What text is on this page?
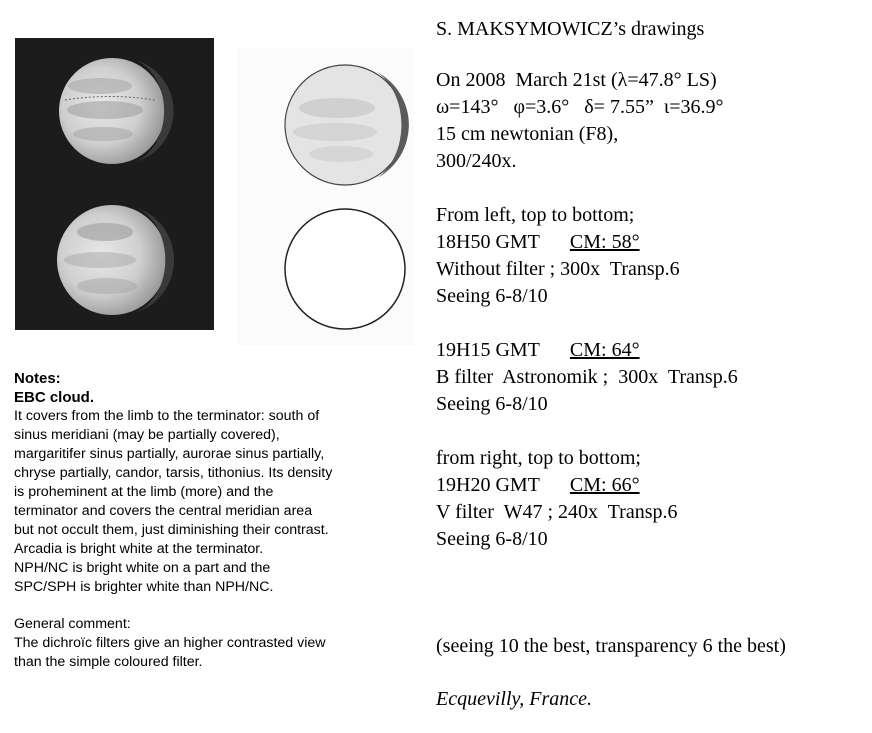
S. MAKSYMOWICZ’s drawings
On 2008  March 21st (λ=47.8° LS)
ω=143°   φ=3.6°   δ= 7.55”  ι=36.9°
15 cm newtonian (F8),
300/240x.
From left, top to bottom;
18H50 GMT CM: 58°
Without filter ; 300x  Transp.6
Seeing 6-8/10
19H15 GMT CM: 64°
B filter  Astronomik ;  300x  Transp.6
Seeing 6-8/10
from right, top to bottom;
19H20 GMT CM: 66°
V filter  W47 ; 240x  Transp.6
Seeing 6-8/10
(seeing 10 the best, transparency 6 the best)
Ecquevilly, France.
Notes:
EBC cloud.
It covers from the limb to the terminator: south of
sinus meridiani (may be partially covered),
margaritifer sinus partially, aurorae sinus partially,
chryse partially, candor, tarsis, tithonius. Its density
is proheminent at the limb (more) and the
terminator and covers the central meridian area
but not occult them, just diminishing their contrast.
Arcadia is bright white at the terminator.
NPH/NC is bright white on a part and the
SPC/SPH is brighter white than NPH/NC.
General comment:
The dichroïc filters give an higher contrasted view
than the simple coloured filter.
